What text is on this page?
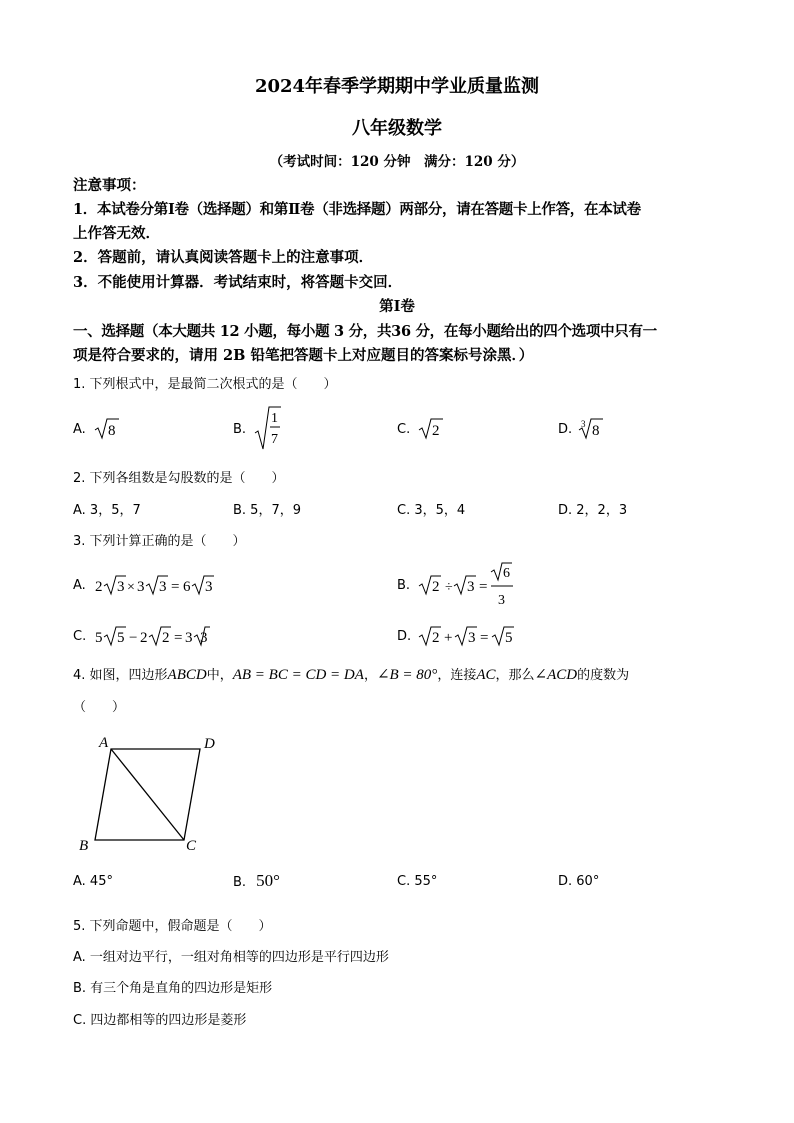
2024年春季学期期中学业质量监测
八年级数学
（考试时间：120 分钟　满分：120 分）
注意事项：
1．本试卷分第Ⅰ卷（选择题）和第Ⅱ卷（非选择题）两部分，请在答题卡上作答，在本试卷
上作答无效．
2．答题前，请认真阅读答题卡上的注意事项．
3．不能使用计算器．考试结束时，将答题卡交回．
第Ⅰ卷
一、选择题（本大题共 12 小题，每小题 3 分，共36 分，在每小题给出的四个选项中只有一
项是符合要求的，请用 2B 铅笔把答题卡上对应题目的答案标号涂黑．）
1. 下列根式中，是最简二次根式的是（　　）
A. 8	B.
1
7
C. 2	D. 3 8
2. 下列各组数是勾股数的是（　　）
A. 3，5，7	B. 5，7，9	C. 3，5，4	D. 2，2，3
3. 下列计算正确的是（　　）
A. 2 3 × 3 3 = 6 3	B. 2 ÷ 3 =
6
3
C. 5 5 − 2 2 = 3 3	D. 2 + 3 = 5
4. 如图，四边形ABCD中，AB = BC = CD = DA，∠B = 80°，连接AC，那么∠ACD的度数为
（　　）
A	D
B	C
A. 45°	B. 50°	C. 55°	D. 60°
5. 下列命题中，假命题是（　　）
A. 一组对边平行，一组对角相等的四边形是平行四边形
B. 有三个角是直角的四边形是矩形
C. 四边都相等的四边形是菱形
